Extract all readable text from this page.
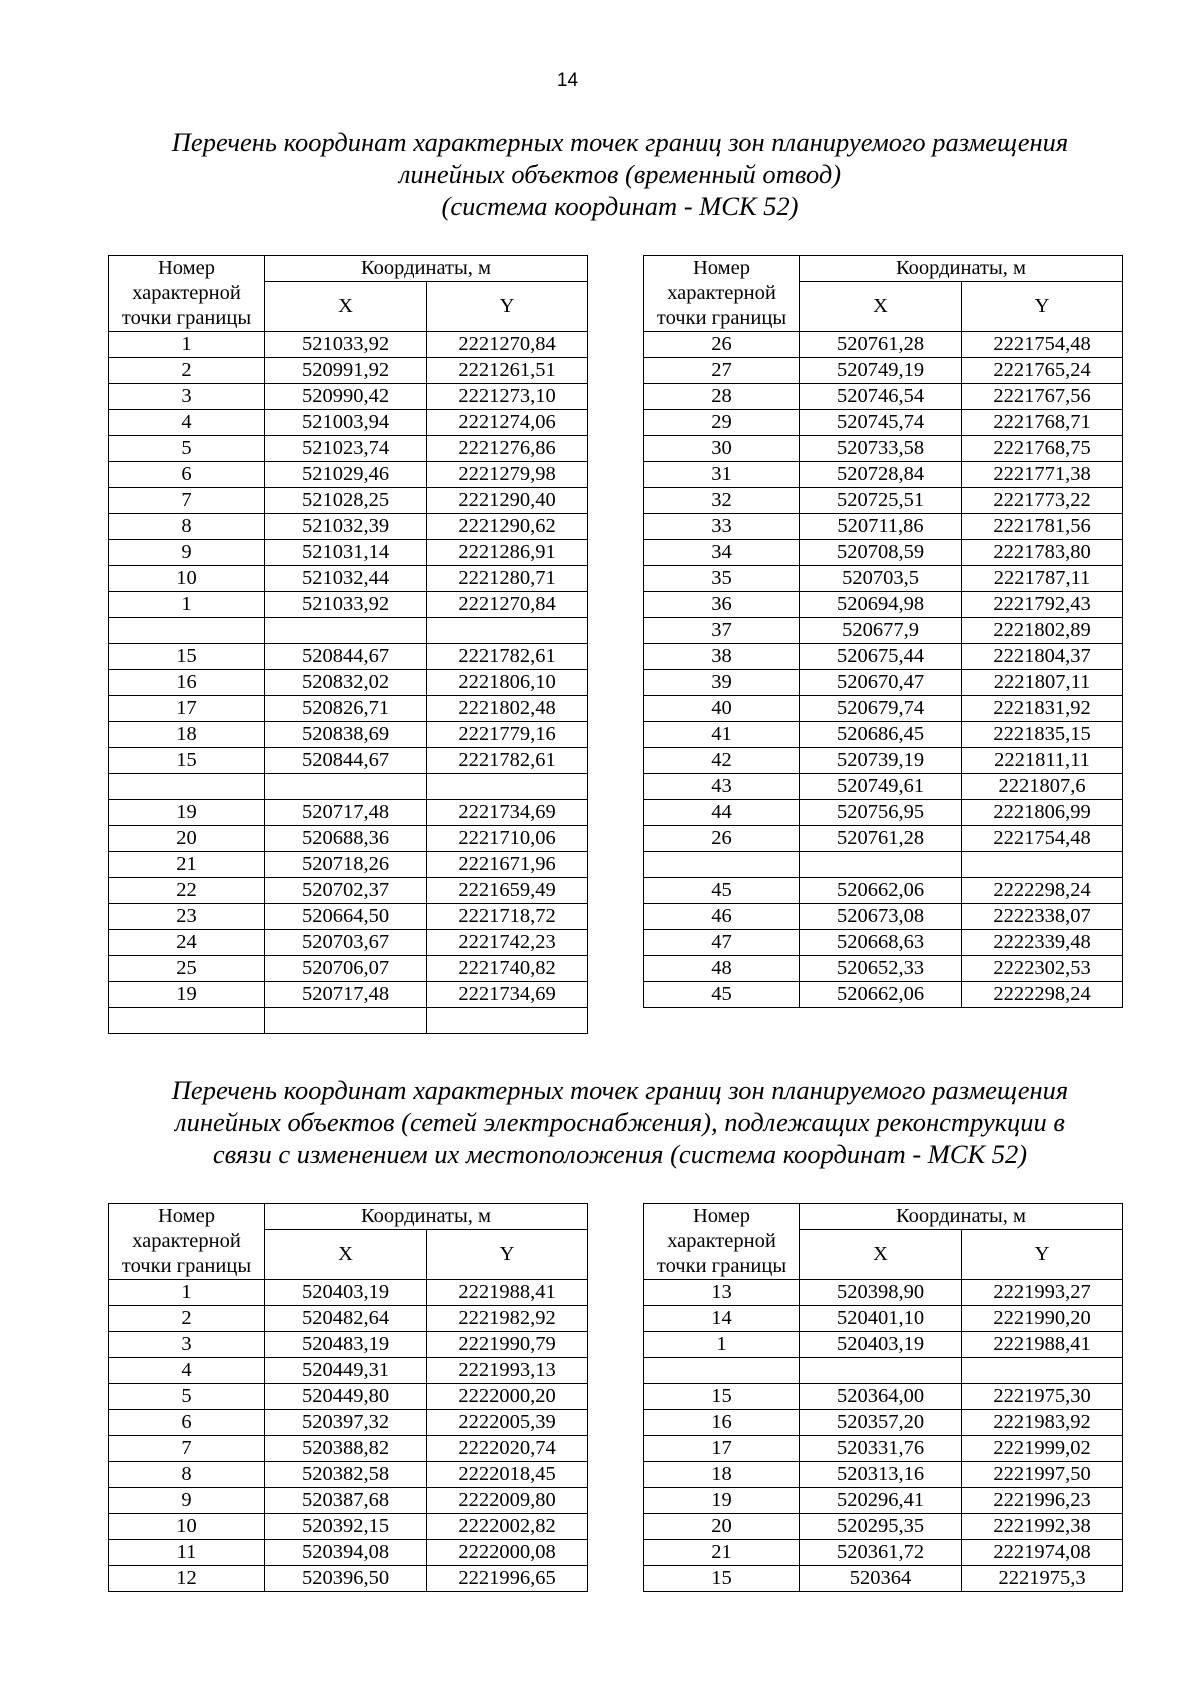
14
Перечень координат характерных точек границ зон планируемого размещения
линейных объектов (временный отвод)
(система координат - МСК 52)
Номер
характерной
точки границы	Координаты, м	
	X	Y
1	521033,92	2221270,84
2	520991,92	2221261,51
3	520990,42	2221273,10
4	521003,94	2221274,06
5	521023,74	2221276,86
6	521029,46	2221279,98
7	521028,25	2221290,40
8	521032,39	2221290,62
9	521031,14	2221286,91
10	521032,44	2221280,71
1	521033,92	2221270,84

15	520844,67	2221782,61
16	520832,02	2221806,10
17	520826,71	2221802,48
18	520838,69	2221779,16
15	520844,67	2221782,61

19	520717,48	2221734,69
20	520688,36	2221710,06
21	520718,26	2221671,96
22	520702,37	2221659,49
23	520664,50	2221718,72
24	520703,67	2221742,23
25	520706,07	2221740,82
19	520717,48	2221734,69

Номер
характерной
точки границы	Координаты, м	
	X	Y
26	520761,28	2221754,48
27	520749,19	2221765,24
28	520746,54	2221767,56
29	520745,74	2221768,71
30	520733,58	2221768,75
31	520728,84	2221771,38
32	520725,51	2221773,22
33	520711,86	2221781,56
34	520708,59	2221783,80
35	520703,5	2221787,11
36	520694,98	2221792,43
37	520677,9	2221802,89
38	520675,44	2221804,37
39	520670,47	2221807,11
40	520679,74	2221831,92
41	520686,45	2221835,15
42	520739,19	2221811,11
43	520749,61	2221807,6
44	520756,95	2221806,99
26	520761,28	2221754,48

45	520662,06	2222298,24
46	520673,08	2222338,07
47	520668,63	2222339,48
48	520652,33	2222302,53
45	520662,06	2222298,24
Перечень координат характерных точек границ зон планируемого размещения
линейных объектов (сетей электроснабжения), подлежащих реконструкции в
связи с изменением их местоположения (система координат - МСК 52)
Номер
характерной
точки границы	Координаты, м	
	X	Y
1	520403,19	2221988,41
2	520482,64	2221982,92
3	520483,19	2221990,79
4	520449,31	2221993,13
5	520449,80	2222000,20
6	520397,32	2222005,39
7	520388,82	2222020,74
8	520382,58	2222018,45
9	520387,68	2222009,80
10	520392,15	2222002,82
11	520394,08	2222000,08
12	520396,50	2221996,65
Номер
характерной
точки границы	Координаты, м	
	X	Y
13	520398,90	2221993,27
14	520401,10	2221990,20
1	520403,19	2221988,41

15	520364,00	2221975,30
16	520357,20	2221983,92
17	520331,76	2221999,02
18	520313,16	2221997,50
19	520296,41	2221996,23
20	520295,35	2221992,38
21	520361,72	2221974,08
15	520364	2221975,3
